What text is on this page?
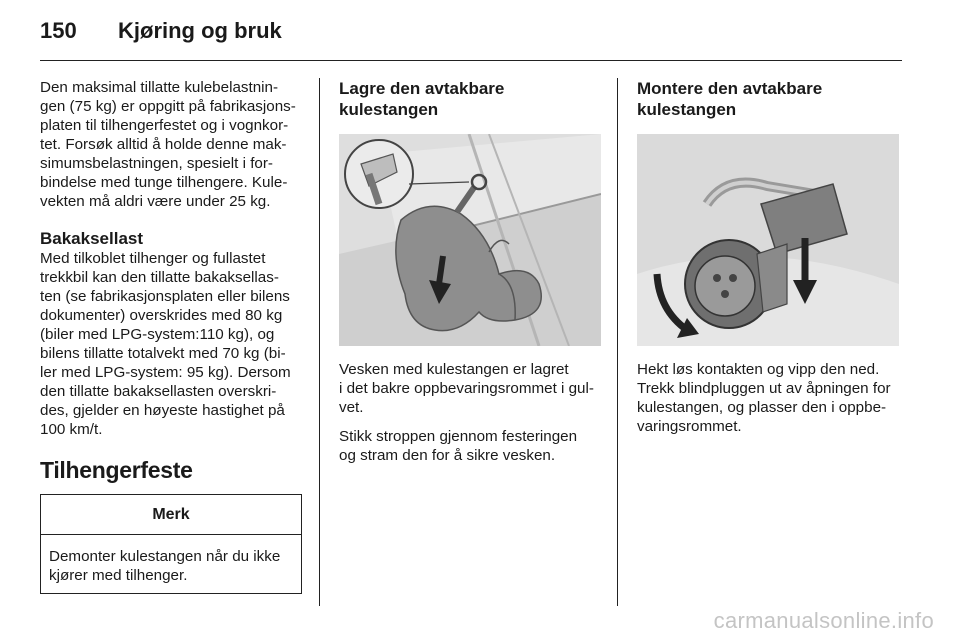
150	Kjøring og bruk

Den maksimal tillatte kulebelastnin-
gen (75 kg) er oppgitt på fabrikasjons-
platen til tilhengerfestet og i vognkor-
tet. Forsøk alltid å holde denne mak-
simumsbelastningen, spesielt i for-
bindelse med tunge tilhengere. Kule-
vekten må aldri være under 25 kg.

Bakaksellast

Med tilkoblet tilhenger og fullastet
trekkbil kan den tillatte bakaksellas-
ten (se fabrikasjonsplaten eller bilens
dokumenter) overskrides med 80 kg
(biler med LPG-system:110 kg), og
bilens tillatte totalvekt med 70 kg (bi-
ler med LPG-system: 95 kg). Dersom
den tillatte bakaksellasten overskri-
des, gjelder en høyeste hastighet på
100 km/t.

Tilhengerfeste
Merk
Demonter kulestangen når du ikke
kjører med tilhenger.
Lagre den avtakbare
kulestangen

Vesken med kulestangen er lagret
i det bakre oppbevaringsrommet i gul-
vet.

Stikk stroppen gjennom festeringen
og stram den for å sikre vesken.

Montere den avtakbare
kulestangen

Hekt løs kontakten og vipp den ned.
Trekk blindpluggen ut av åpningen for
kulestangen, og plasser den i oppbe-
varingsrommet.

carmanualsonline.info
